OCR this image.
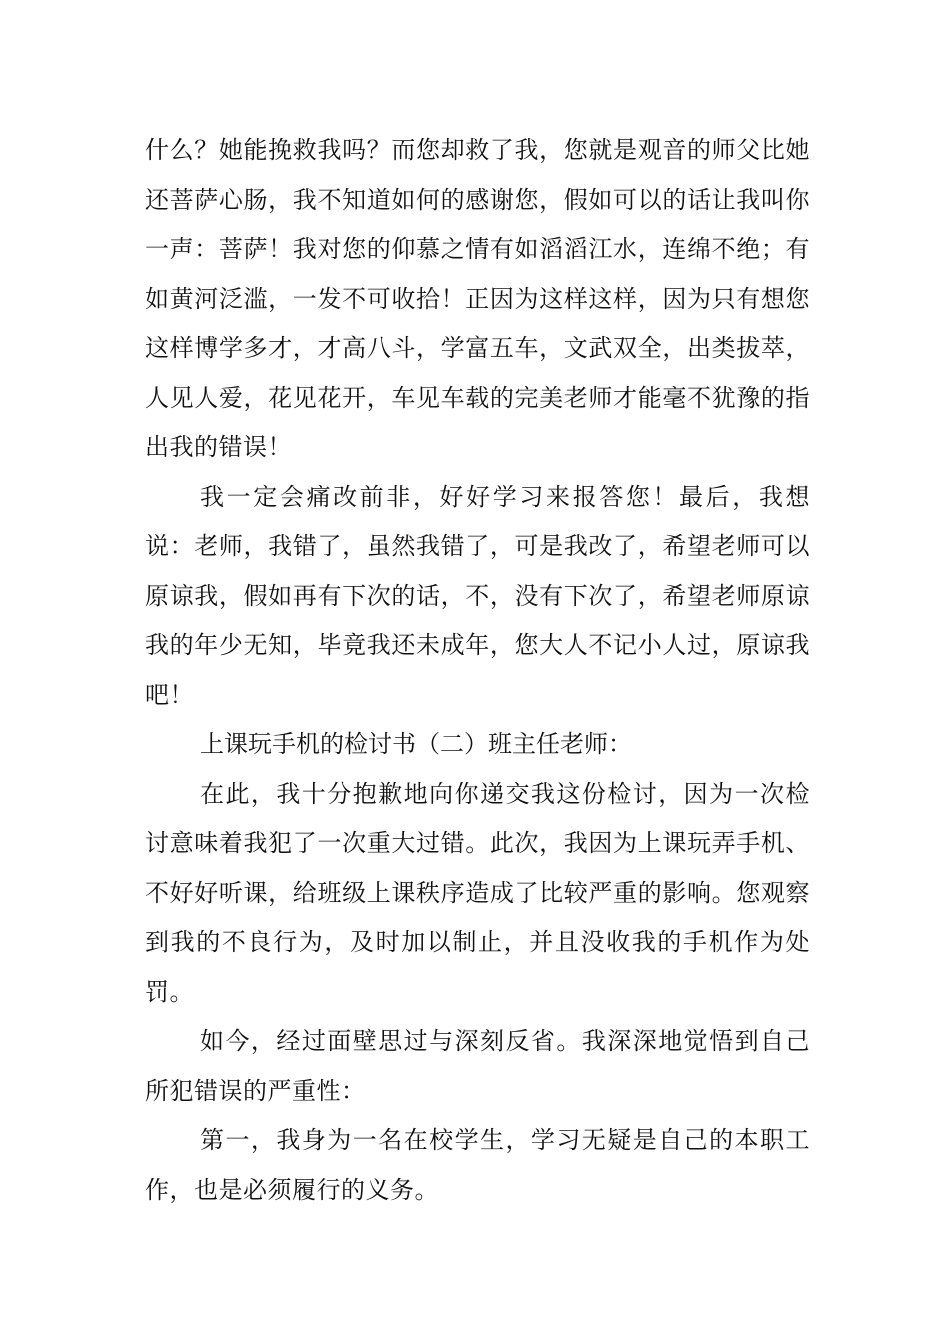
什么？她能挽救我吗？而您却救了我，您就是观音的师父比她还菩萨心肠，我不知道如何的感谢您，假如可以的话让我叫你一声：菩萨！我对您的仰慕之情有如滔滔江水，连绵不绝；有如黄河泛滥，一发不可收拾！正因为这样这样，因为只有想您这样博学多才，才高八斗，学富五车，文武双全，出类拔萃，人见人爱，花见花开，车见车载的完美老师才能毫不犹豫的指出我的错误！

我一定会痛改前非，好好学习来报答您！最后，我想说：老师，我错了，虽然我错了，可是我改了，希望老师可以原谅我，假如再有下次的话，不，没有下次了，希望老师原谅我的年少无知，毕竟我还未成年，您大人不记小人过，原谅我吧！

上课玩手机的检讨书（二）班主任老师：

在此，我十分抱歉地向你递交我这份检讨，因为一次检讨意味着我犯了一次重大过错。此次，我因为上课玩弄手机、不好好听课，给班级上课秩序造成了比较严重的影响。您观察到我的不良行为，及时加以制止，并且没收我的手机作为处罚。

如今，经过面壁思过与深刻反省。我深深地觉悟到自己所犯错误的严重性：

第一，我身为一名在校学生，学习无疑是自己的本职工作，也是必须履行的义务。
